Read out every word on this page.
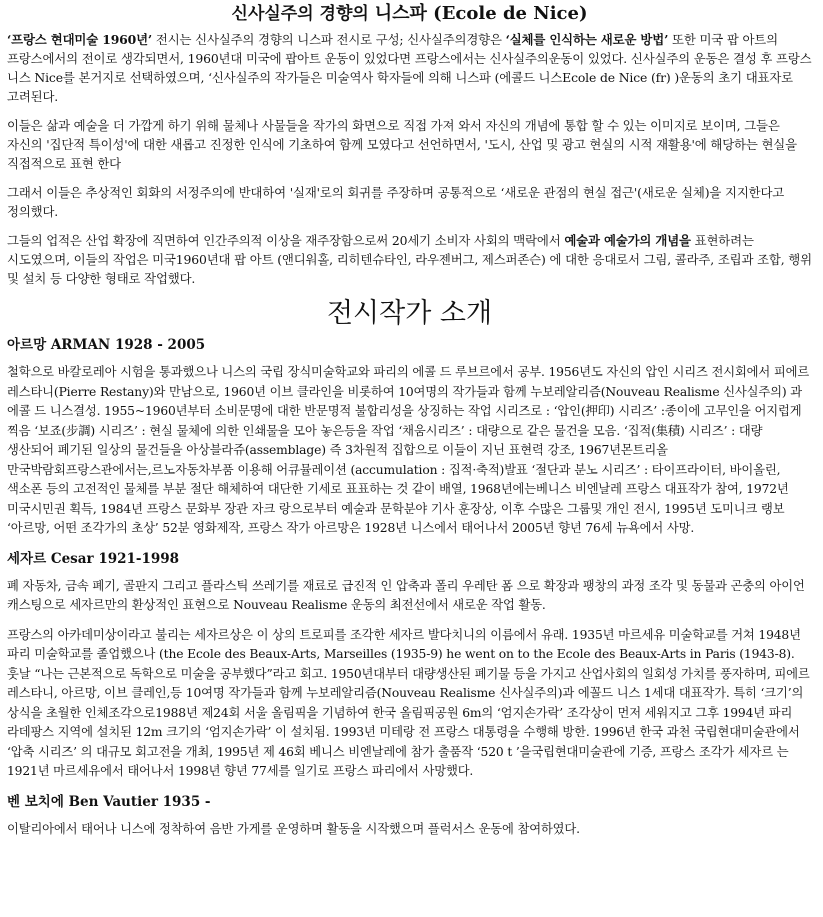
신사실주의 경향의 니스파 (Ecole de Nice)

‘프랑스 현대미술 1960년’ 전시는 신사실주의 경향의 니스파 전시로 구성; 신사실주의경향은 ‘실체를 인식하는 새로운 방법’ 또한 미국 팝 아트의 프랑스에서의 전이로 생각되면서, 1960년대 미국에 팝아트 운동이 있었다면 프랑스에서는 신사실주의운동이 있었다. 신사실주의 운동은 결성 후 프랑스 니스 Nice를 본거지로 선택하였으며, ‘신사실주의 작가들은 미술역사 학자들에 의해 니스파 (에콜드 니스Ecole de Nice (fr) )운동의 초기 대표자로 고려된다.

이들은 삶과 예술을 더 가깝게 하기 위해 물체나 사물들을 작가의 화면으로 직접 가져 와서 자신의 개념에 통합 할 수 있는 이미지로 보이며, 그들은 자신의 '집단적 특이성'에 대한 새롭고 진정한 인식에 기초하여 함께 모였다고 선언하면서, '도시, 산업 및 광고 현실의 시적 재활용'에 해당하는 현실을 직접적으로 표현 한다

그래서 이들은 추상적인 회화의 서정주의에 반대하여 '실재'로의 회귀를 주장하며 공통적으로 ‘새로운 관점의 현실 접근'(새로운 실체)을 지지한다고 정의했다.

그들의 업적은 산업 확장에 직면하여 인간주의적 이상을 재주장함으로써 20세기 소비자 사회의 맥락에서 예술과 예술가의 개념을 표현하려는 시도였으며, 이들의 작업은 미국1960년대 팝 아트 (앤디워홀, 리히텐슈타인, 라우젠버그, 제스퍼존슨) 에 대한 응대로서 그림, 콜라주, 조립과 조합, 행위 및 설치 등 다양한 형태로 작업했다.

전시작가 소개
아르망 ARMAN 1928 - 2005

철학으로 바칼로레아 시험을 통과했으나 니스의 국립 장식미술학교와 파리의 에콜 드 루브르에서 공부. 1956년도 자신의 압인 시리즈 전시회에서 피에르 레스타니(Pierre Restany)와 만남으로, 1960년 이브 클라인을 비롯하여 10여명의 작가들과 함께 누보레알리즘(Nouveau Realisme 신사실주의) 과 에콜 드 니스결성. 1955~1960년부터 소비문명에 대한 반문명적 불합리성을 상징하는 작업 시리즈로 : ‘압인(押印) 시리즈’ :종이에 고무인을 어지럽게 찍음 ‘보죠(步調) 시리즈’ : 현실 물체에 의한 인쇄물을 모아 놓은등을 작업 ‘채움시리즈’ : 대량으로 같은 물건을 모음. ‘집적(集積) 시리즈’ : 대량 생산되어 폐기된 일상의 물건들을 아상블라쥬(assemblage) 즉 3차원적 집합으로 이들이 지닌 표현력 강조, 1967년몬트리올 만국박람회프랑스관에서는,르노자동차부품 이용해 어큐뮬레이션 (accumulation : 집적·축적)발표 ‘절단과 분노 시리즈’ : 타이프라이터, 바이올린, 색소폰 등의 고전적인 물체를 부분 절단 해체하여 대단한 기세로 표표하는 것 같이 배열, 1968년에는베니스 비엔날레 프랑스 대표작가 참여, 1972년 미국시민권 획득, 1984년 프랑스 문화부 장관 자크 랑으로부터 예술과 문학분야 기사 훈장상, 이후 수많은 그룹및 개인 전시, 1995년 도미니크 랭보 ‘아르망, 어떤 조각가의 초상’ 52분 영화제작, 프랑스 작가 아르망은 1928년 니스에서 태어나서 2005년 향년 76세 뉴욕에서 사망.

세자르 Cesar 1921-1998

폐 자동차, 금속 폐기, 골판지 그리고 플라스틱 쓰레기를 재료로 급진적 인 압축과 폴리 우레탄 폼 으로 확장과 팽창의 과정 조각 및 동물과 곤충의 아이언 캐스팅으로 세자르만의 환상적인 표현으로 Nouveau Realisme 운동의 최전선에서 새로운 작업 활동.

프랑스의 아카데미상이라고 불리는 세자르상은 이 상의 트로피를 조각한 세자르 발다치니의 이름에서 유래. 1935년 마르세유 미술학교를 거쳐 1948년 파리 미술학교를 졸업했으나 (the Ecole des Beaux-Arts, Marseilles (1935-9) he went on to the Ecole des Beaux-Arts in Paris (1943-8). 훗날 “나는 근본적으로 독학으로 미술을 공부했다”라고 회고. 1950년대부터 대량생산된 폐기물 등을 가지고 산업사회의 일회성 가치를 풍자하며, 피에르 레스타니, 아르망, 이브 클레인,등 10여명 작가들과 함께 누보레알리즘(Nouveau Realisme 신사실주의)과 에꼴드 니스 1세대 대표작가. 특히 ‘크기’의 상식을 초월한 인체조각으로1988년 제24회 서울 올림픽을 기념하여 한국 올림픽공원 6m의 ‘엄지손가락’ 조각상이 먼저 세워지고 그후 1994년 파리 라데팡스 지역에 설치된 12m 크기의 ‘엄지손가락’ 이 설치됨. 1993년 미테랑 전 프랑스 대통령을 수행해 방한. 1996년 한국 과천 국립현대미술관에서 ‘압축 시리즈’ 의 대규모 회고전을 개최, 1995년 제 46회 베니스 비엔날레에 참가 출품작 ‘520 t ’을국립현대미술관에 기증, 프랑스 조각가 세자르 는 1921년 마르세유에서 태어나서 1998년 향년 77세를 일기로 프랑스 파리에서 사망했다.

벤 보치에 Ben Vautier 1935 -

이탈리아에서 태어나 니스에 정착하여 음반 가게를 운영하며 활동을 시작했으며 플럭서스 운동에 참여하였다.
